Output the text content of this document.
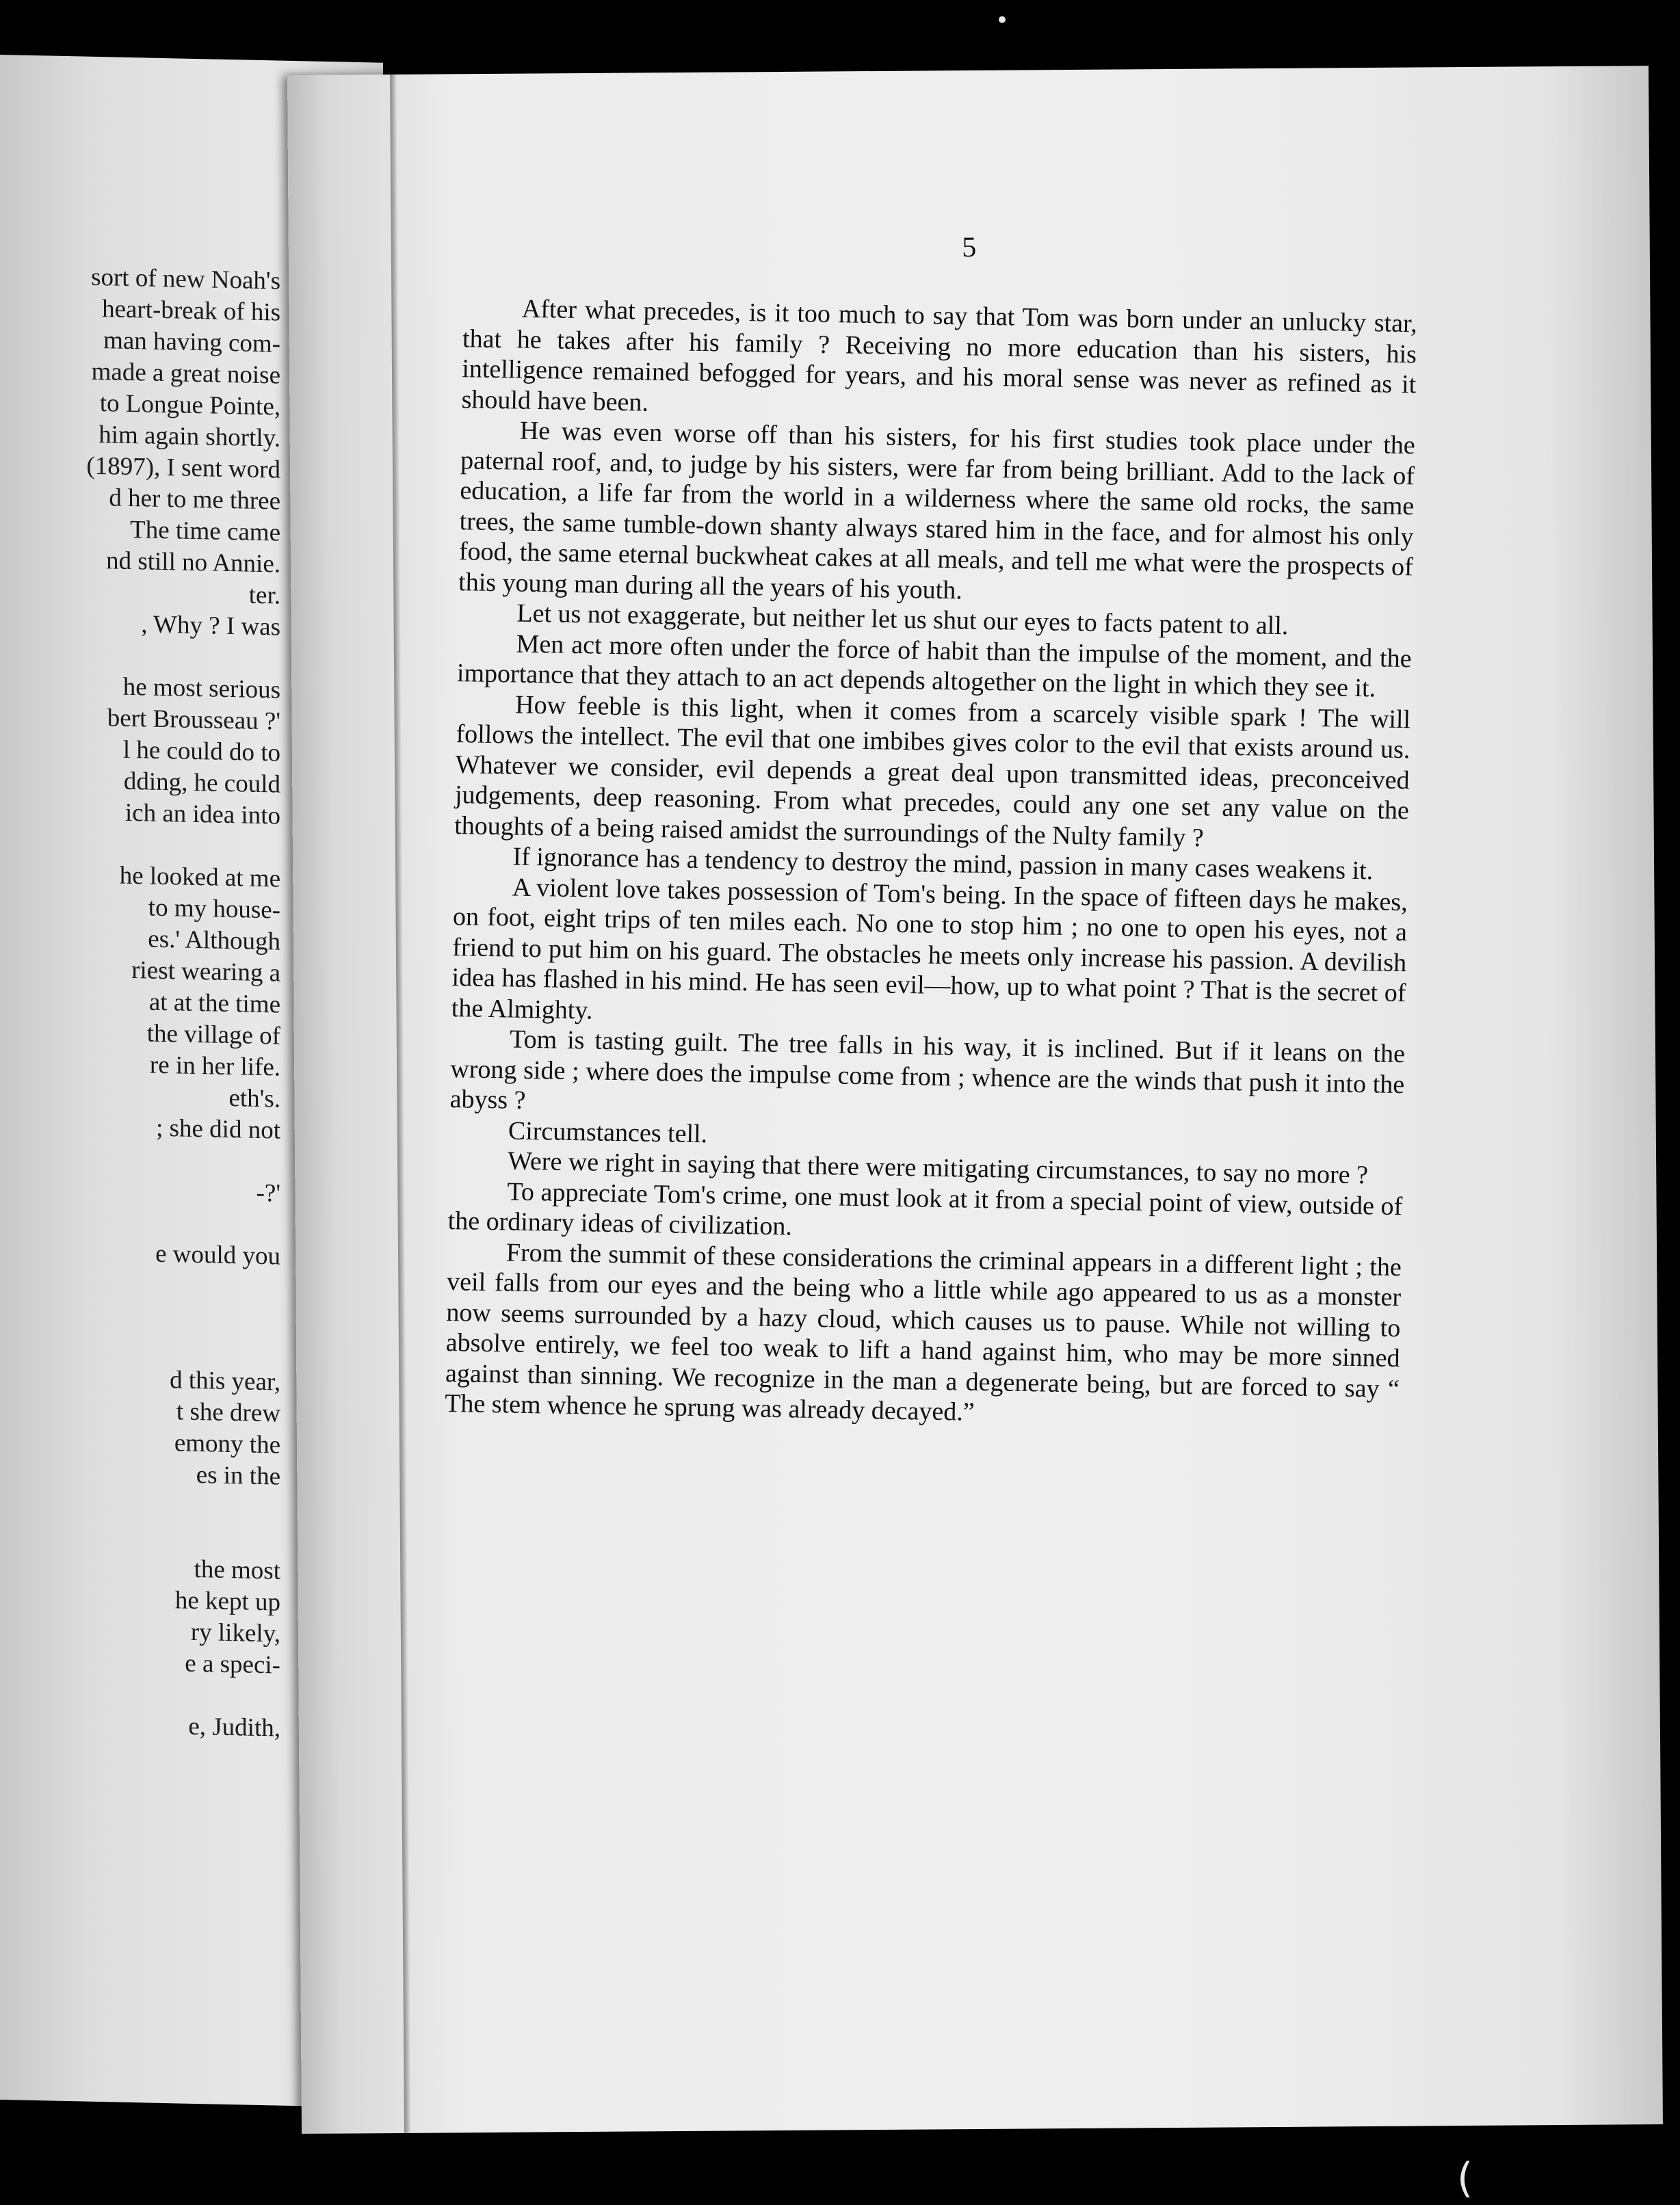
sort of new Noah's
heart-break of his
man having com-
made a great noise
to Longue Pointe,
him again shortly.
(1897), I sent word
d her to me three
The time came
nd still no Annie.
ter.
, Why ? I was
he most serious
bert Brousseau ?'
l he could do to
dding, he could
ich an idea into
he looked at me
to my house-
es.' Although
riest wearing a
at at the time
the village of
re in her life.
eth's.
; she did not
-?'
e would you
d this year,
t she drew
emony the
es in the
the most
he kept up
ry likely,
e a speci-
e, Judith,
5

After what precedes, is it too much to say that Tom was born under an unlucky star, that he takes after his family ? Receiving no more education than his sisters, his intelligence remained befogged for years, and his moral sense was never as refined as it should have been.

He was even worse off than his sisters, for his first studies took place under the paternal roof, and, to judge by his sisters, were far from being brilliant. Add to the lack of education, a life far from the world in a wilderness where the same old rocks, the same trees, the same tumble-down shanty always stared him in the face, and for almost his only food, the same eternal buckwheat cakes at all meals, and tell me what were the prospects of this young man during all the years of his youth.

Let us not exaggerate, but neither let us shut our eyes to facts patent to all.

Men act more often under the force of habit than the impulse of the moment, and the importance that they attach to an act depends altogether on the light in which they see it.

How feeble is this light, when it comes from a scarcely visible spark ! The will follows the intellect. The evil that one imbibes gives color to the evil that exists around us. Whatever we consider, evil depends a great deal upon transmitted ideas, preconceived judgements, deep reasoning. From what precedes, could any one set any value on the thoughts of a being raised amidst the surroundings of the Nulty family ?

If ignorance has a tendency to destroy the mind, passion in many cases weakens it.

A violent love takes possession of Tom's being. In the space of fifteen days he makes, on foot, eight trips of ten miles each. No one to stop him ; no one to open his eyes, not a friend to put him on his guard. The obstacles he meets only increase his passion. A devilish idea has flashed in his mind. He has seen evil—how, up to what point ? That is the secret of the Almighty.

Tom is tasting guilt. The tree falls in his way, it is inclined. But if it leans on the wrong side ; where does the impulse come from ; whence are the winds that push it into the abyss ?

Circumstances tell.

Were we right in saying that there were mitigating circumstances, to say no more ?

To appreciate Tom's crime, one must look at it from a special point of view, outside of the ordinary ideas of civilization.

From the summit of these considerations the criminal appears in a different light ; the veil falls from our eyes and the being who a little while ago appeared to us as a monster now seems surrounded by a hazy cloud, which causes us to pause. While not willing to absolve entirely, we feel too weak to lift a hand against him, who may be more sinned against than sinning. We recognize in the man a degenerate being, but are forced to say “ The stem whence he sprung was already decayed.”

•
(
